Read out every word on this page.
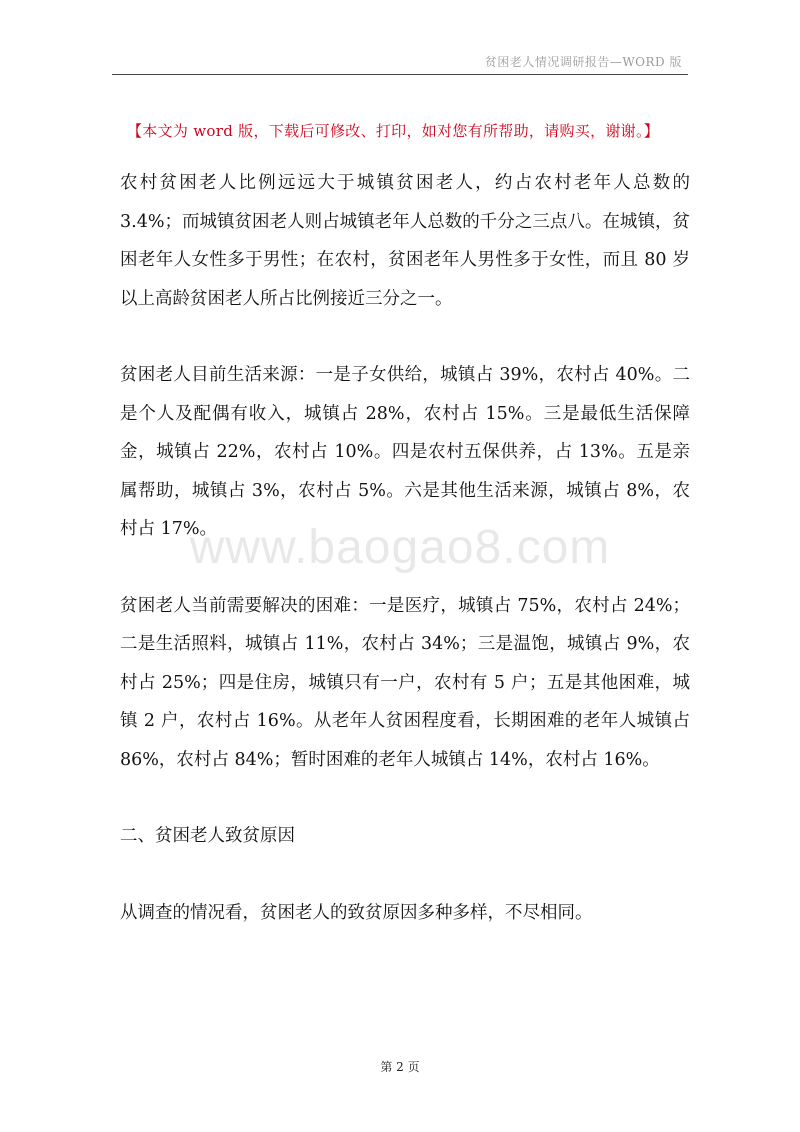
贫困老人情况调研报告—WORD 版
【本文为 word 版，下载后可修改、打印，如对您有所帮助，请购买，谢谢。】

农村贫困老人比例远远大于城镇贫困老人，约占农村老年人总数的 3.4%；而城镇贫困老人则占城镇老年人总数的千分之三点八。在城镇，贫困老年人女性多于男性；在农村，贫困老年人男性多于女性，而且 80 岁以上高龄贫困老人所占比例接近三分之一。

贫困老人目前生活来源：一是子女供给，城镇占 39%，农村占 40%。二是个人及配偶有收入，城镇占 28%，农村占 15%。三是最低生活保障金，城镇占 22%，农村占 10%。四是农村五保供养，占 13%。五是亲属帮助，城镇占 3%，农村占 5%。六是其他生活来源，城镇占 8%，农村占 17%。

贫困老人当前需要解决的困难：一是医疗，城镇占 75%，农村占 24%；二是生活照料，城镇占 11%，农村占 34%；三是温饱，城镇占 9%，农村占 25%；四是住房，城镇只有一户，农村有 5 户；五是其他困难，城镇 2 户，农村占 16%。从老年人贫困程度看，长期困难的老年人城镇占 86%，农村占 84%；暂时困难的老年人城镇占 14%，农村占 16%。

二、贫困老人致贫原因

从调查的情况看，贫困老人的致贫原因多种多样，不尽相同。

www.baogao8.com
第 2 页
